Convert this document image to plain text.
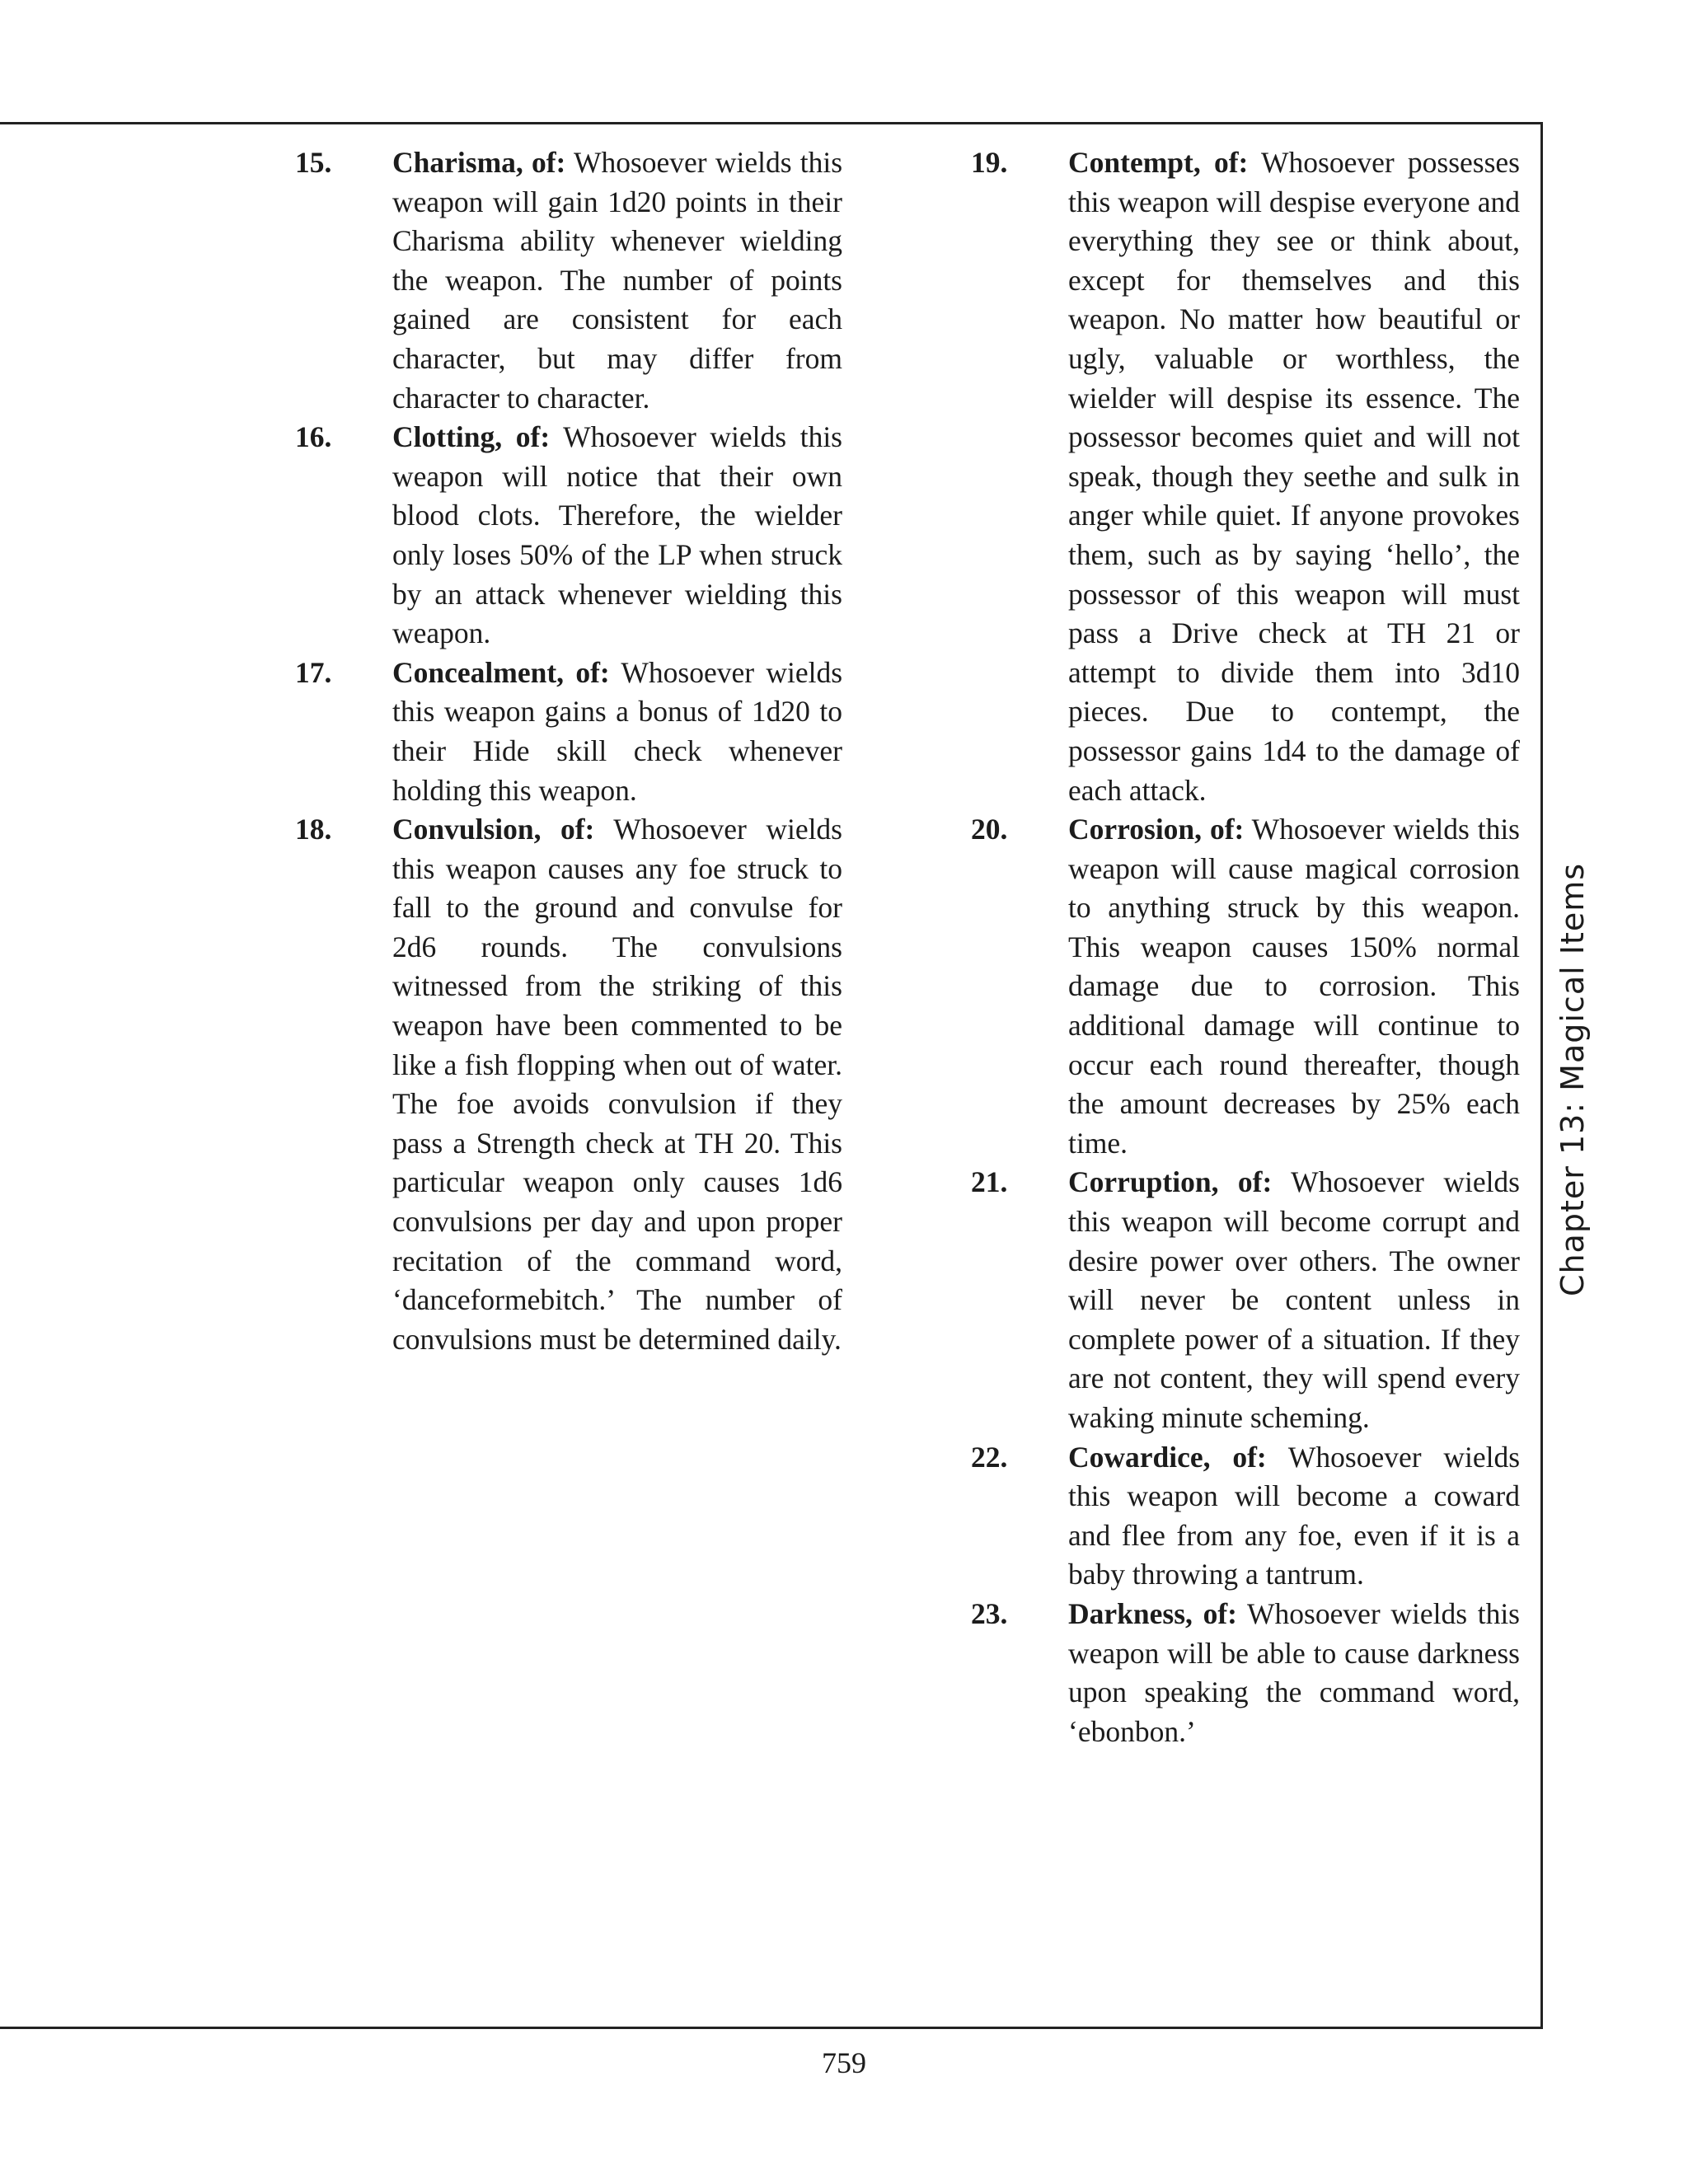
15. Charisma, of: Whosoever wields this weapon will gain 1d20 points in their Charisma ability whenever wielding the weapon. The number of points gained are consistent for each character, but may differ from character to character.
16. Clotting, of: Whosoever wields this weapon will notice that their own blood clots. Therefore, the wielder only loses 50% of the LP when struck by an attack whenever wielding this weapon.
17. Concealment, of: Whosoever wields this weapon gains a bonus of 1d20 to their Hide skill check whenever holding this weapon.
18. Convulsion, of: Whosoever wields this weapon causes any foe struck to fall to the ground and convulse for 2d6 rounds. The convulsions witnessed from the striking of this weapon have been commented to be like a fish flopping when out of water. The foe avoids convulsion if they pass a Strength check at TH 20. This particular weapon only causes 1d6 convulsions per day and upon proper recitation of the command word, ‘danceformebitch.’ The number of convulsions must be determined daily.
19. Contempt, of: Whosoever possesses this weapon will despise everyone and everything they see or think about, except for themselves and this weapon. No matter how beautiful or ugly, valuable or worthless, the wielder will despise its essence. The possessor becomes quiet and will not speak, though they seethe and sulk in anger while quiet. If anyone provokes them, such as by saying ‘hello’, the possessor of this weapon will must pass a Drive check at TH 21 or attempt to divide them into 3d10 pieces. Due to contempt, the possessor gains 1d4 to the damage of each attack.
20. Corrosion, of: Whosoever wields this weapon will cause magical corrosion to anything struck by this weapon. This weapon causes 150% normal damage due to corrosion. This additional damage will continue to occur each round thereafter, though the amount decreases by 25% each time.
21. Corruption, of: Whosoever wields this weapon will become corrupt and desire power over others. The owner will never be content unless in complete power of a situation. If they are not content, they will spend every waking minute scheming.
22. Cowardice, of: Whosoever wields this weapon will become a coward and flee from any foe, even if it is a baby throwing a tantrum.
23. Darkness, of: Whosoever wields this weapon will be able to cause darkness upon speaking the command word, ‘ebonbon.’
Chapter 13: Magical Items
759
